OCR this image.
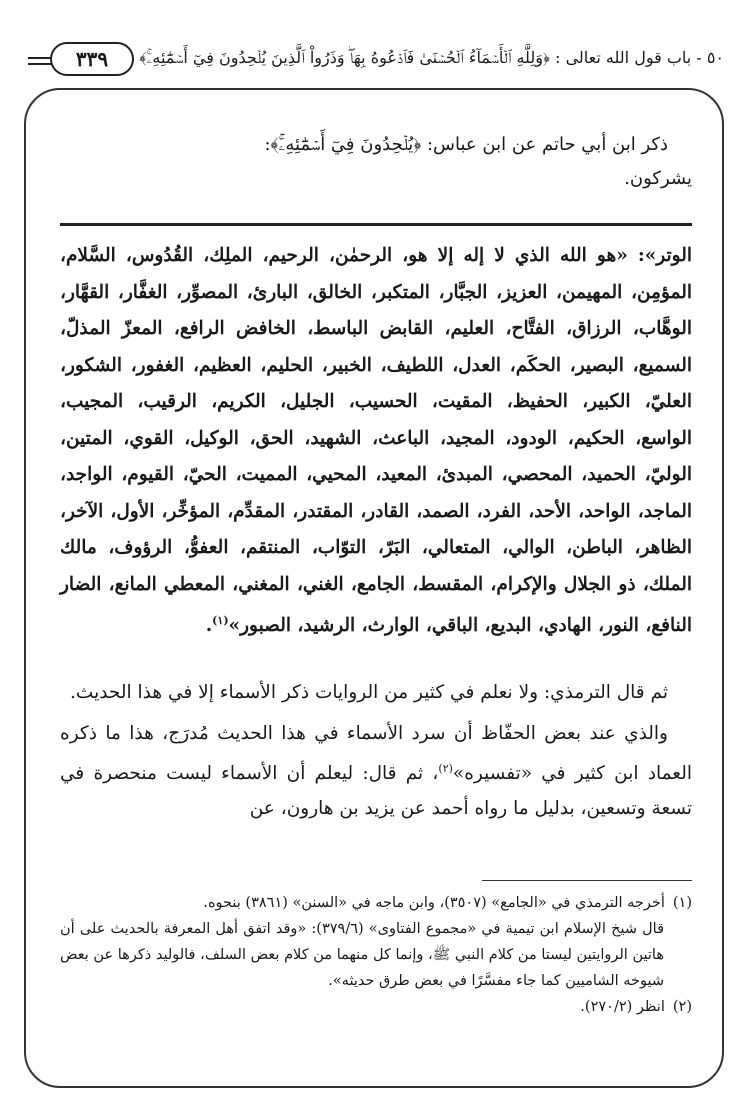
٥٠ - باب قول الله تعالى : ﴿وَلِلَّهِ ٱلۡأَسۡمَآءُ ٱلۡحُسۡنَىٰ فَٱدۡعُوهُ بِهَاۖ وَذَرُواْ ٱلَّذِينَ يُلۡحِدُونَ فِيٓ أَسۡمَٰٓئِهِۦۚ﴾
٣٣٩

ذكر ابن أبي حاتم عن ابن عباس: ﴿يُلۡحِدُونَ فِيٓ أَسۡمَٰٓئِهِۦۚ﴾:

يشركون.

الوتر»: «هو الله الذي لا إله إلا هو، الرحمٰن، الرحيم، الملِك، القُدُوس، السَّلام، المؤمِن، المهيمن، العزيز، الجبَّار، المتكبر، الخالق، البارئ، المصوِّر، الغفَّار، القهَّار، الوهَّاب، الرزاق، الفتَّاح، العليم، القابض الباسط، الخافض الرافع، المعزّ المذلّ، السميع، البصير، الحكَم، العدل، اللطيف، الخبير، الحليم، العظيم، الغفور، الشكور، العليّ، الكبير، الحفيظ، المقيت، الحسيب، الجليل، الكريم، الرقيب، المجيب، الواسع، الحكيم، الودود، المجيد، الباعث، الشهيد، الحق، الوكيل، القوي، المتين، الوليّ، الحميد، المحصي، المبدئ، المعيد، المحيي، المميت، الحيّ، القيوم، الواجد، الماجد، الواحد، الأحد، الفرد، الصمد، القادر، المقتدر، المقدِّم، المؤخِّر، الأول، الآخر، الظاهر، الباطن، الوالي، المتعالي، البَرّ، التوّاب، المنتقم، العفوُّ، الرؤوف، مالك الملك، ذو الجلال والإكرام، المقسط، الجامع، الغني، المغني، المعطي المانع، الضار النافع، النور، الهادي، البديع، الباقي، الوارث، الرشيد، الصبور»$^{(١)}$.

ثم قال الترمذي: ولا نعلم في كثير من الروايات ذكر الأسماء إلا في هذا الحديث.

والذي عند بعض الحفّاظ أن سرد الأسماء في هذا الحديث مُدرَج، هذا ما ذكره العماد ابن كثير في «تفسيره»$^{(٢)}$، ثم قال: ليعلم أن الأسماء ليست منحصرة في تسعة وتسعين، بدليل ما رواه أحمد عن يزيد بن هارون، عن

(١)أخرجه الترمذي في «الجامع» (٣٥٠٧)، وابن ماجه في «السنن» (٣٨٦١) بنحوه.

قال شيخ الإسلام ابن تيمية في «مجموع الفتاوى» (٣٧٩/٦): «وقد اتفق أهل المعرفة بالحديث على أن هاتين الروايتين ليستا من كلام النبي ﷺ، وإنما كل منهما من كلام بعض السلف، فالوليد ذكرها عن بعض شيوخه الشاميين كما جاء مفسَّرًا في بعض طرق حديثه».

(٢)انظر (٢٧٠/٢).
